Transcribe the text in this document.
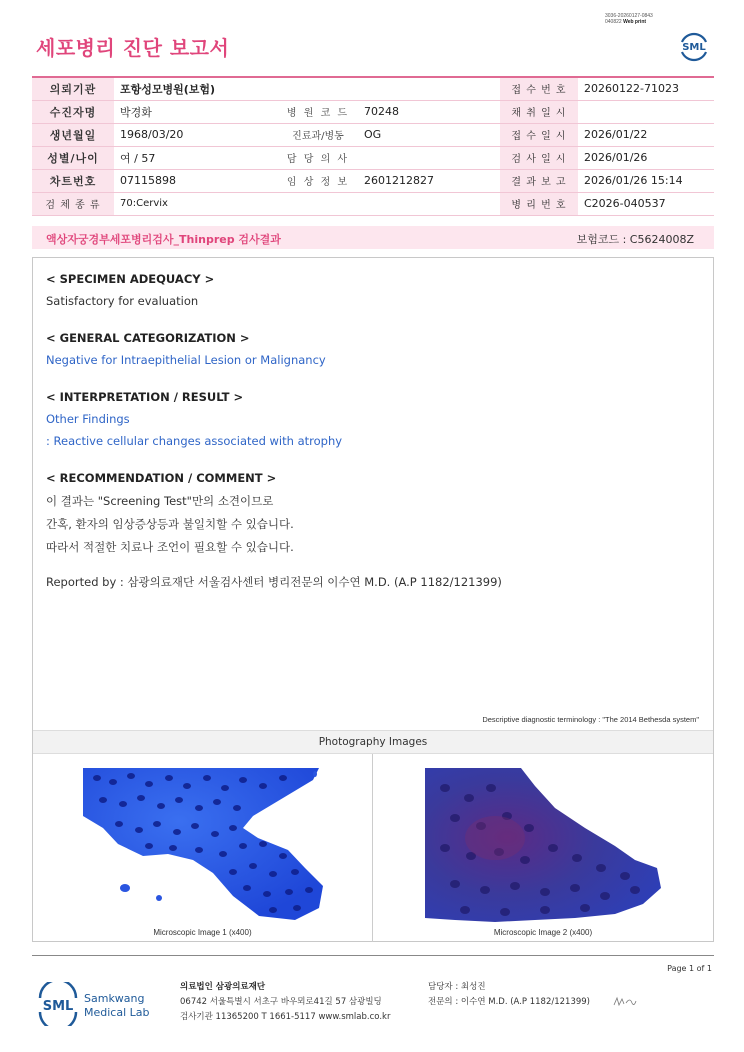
3036-20260127-0843
040822 Web print
세포병리 진단 보고서	SML
의뢰기관	포항성모병원(보험)			접 수 번 호	20260122-71023
수진자명	박경화	병 원 코 드	70248	채 취 일 시	
생년월일	1968/03/20	진료과/병동	OG	접 수 일 시	2026/01/22
성별/나이	여 / 57	담 당 의 사		검 사 일 시	2026/01/26
차트번호	07115898	임 상 정 보	2601212827	결 과 보 고	2026/01/26 15:14
검 체 종 류	70:Cervix			병 리 번 호	C2026-040537
액상자궁경부세포병리검사_Thinprep 검사결과	보험코드 : C5624008Z
< SPECIMEN ADEQUACY >
Satisfactory for evaluation
< GENERAL CATEGORIZATION >
Negative for Intraepithelial Lesion or Malignancy
< INTERPRETATION / RESULT >
Other Findings
: Reactive cellular changes associated with atrophy
< RECOMMENDATION / COMMENT >
이 결과는 "Screening Test"만의 소견이므로
간혹, 환자의 임상증상등과 불일치할 수 있습니다.
따라서 적절한 치료나 조언이 필요할 수 있습니다.
Reported by : 삼광의료재단 서울검사센터 병리전문의 이수연 M.D. (A.P 1182/121399)
Descriptive diagnostic terminology : "The 2014 Bethesda system"
Photography Images
Microscopic Image 1 (x400)	Microscopic Image 2 (x400)
Page 1 of 1
SML
Samkwang
Medical Lab
의료법인 삼광의료재단
06742 서울특별시 서초구 바우뫼로41길 57 삼광빌딩
검사기관 11365200 T 1661-5117 www.smlab.co.kr
담당자 : 최성진
전문의 : 이수연 M.D. (A.P 1182/121399)
